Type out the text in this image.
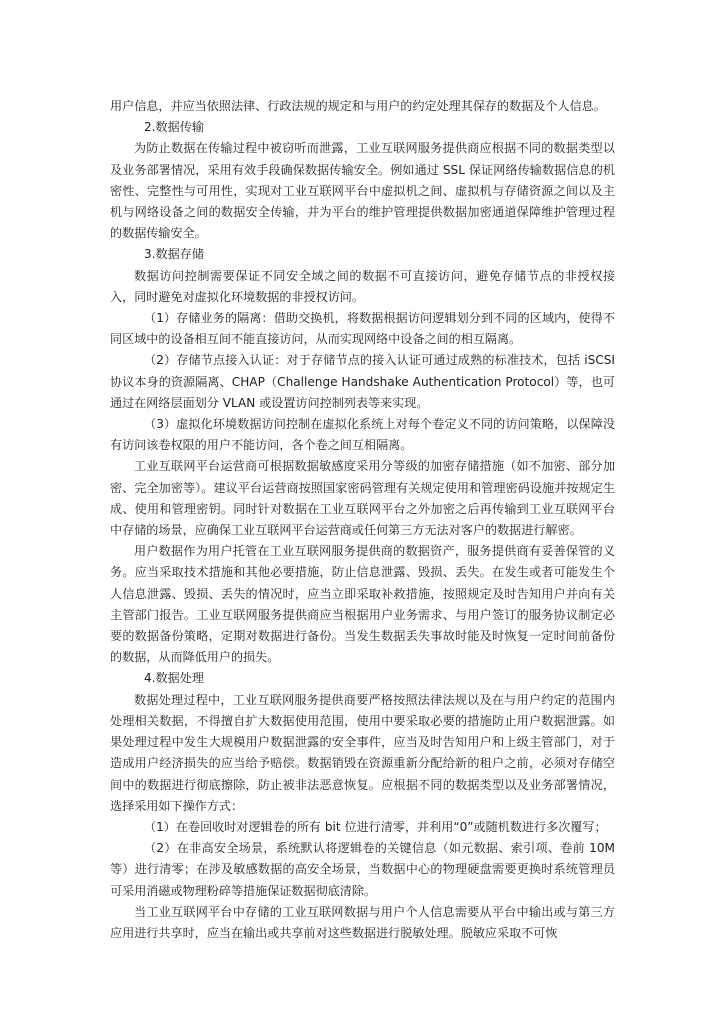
用户信息，并应当依照法律、行政法规的规定和与用户的约定处理其保存的数据及个人信息。

2.数据传输

为防止数据在传输过程中被窃听而泄露，工业互联网服务提供商应根据不同的数据类型以及业务部署情况，采用有效手段确保数据传输安全。例如通过 SSL 保证网络传输数据信息的机密性、完整性与可用性，实现对工业互联网平台中虚拟机之间、虚拟机与存储资源之间以及主机与网络设备之间的数据安全传输，并为平台的维护管理提供数据加密通道保障维护管理过程的数据传输安全。

3.数据存储

数据访问控制需要保证不同安全域之间的数据不可直接访问，避免存储节点的非授权接入，同时避免对虚拟化环境数据的非授权访问。

（1）存储业务的隔离：借助交换机，将数据根据访问逻辑划分到不同的区域内，使得不同区域中的设备相互间不能直接访问，从而实现网络中设备之间的相互隔离。

（2）存储节点接入认证：对于存储节点的接入认证可通过成熟的标准技术，包括 iSCSI 协议本身的资源隔离、CHAP（Challenge Handshake Authentication Protocol）等，也可通过在网络层面划分 VLAN 或设置访问控制列表等来实现。

（3）虚拟化环境数据访问控制在虚拟化系统上对每个卷定义不同的访问策略，以保障没有访问该卷权限的用户不能访问，各个卷之间互相隔离。

工业互联网平台运营商可根据数据敏感度采用分等级的加密存储措施（如不加密、部分加密、完全加密等）。建议平台运营商按照国家密码管理有关规定使用和管理密码设施并按规定生成、使用和管理密钥。同时针对数据在工业互联网平台之外加密之后再传输到工业互联网平台中存储的场景，应确保工业互联网平台运营商或任何第三方无法对客户的数据进行解密。

用户数据作为用户托管在工业互联网服务提供商的数据资产，服务提供商有妥善保管的义务。应当采取技术措施和其他必要措施，防止信息泄露、毁损、丢失。在发生或者可能发生个人信息泄露、毁损、丢失的情况时，应当立即采取补救措施，按照规定及时告知用户并向有关主管部门报告。工业互联网服务提供商应当根据用户业务需求、与用户签订的服务协议制定必要的数据备份策略，定期对数据进行备份。当发生数据丢失事故时能及时恢复一定时间前备份的数据，从而降低用户的损失。

4.数据处理

数据处理过程中，工业互联网服务提供商要严格按照法律法规以及在与用户约定的范围内处理相关数据，不得擅自扩大数据使用范围，使用中要采取必要的措施防止用户数据泄露。如果处理过程中发生大规模用户数据泄露的安全事件，应当及时告知用户和上级主管部门，对于造成用户经济损失的应当给予赔偿。数据销毁在资源重新分配给新的租户之前，必须对存储空间中的数据进行彻底擦除，防止被非法恶意恢复。应根据不同的数据类型以及业务部署情况，选择采用如下操作方式：

（1）在卷回收时对逻辑卷的所有 bit 位进行清零，并利用“0”或随机数进行多次覆写；

（2）在非高安全场景，系统默认将逻辑卷的关键信息（如元数据、索引项、卷前 10M 等）进行清零；在涉及敏感数据的高安全场景，当数据中心的物理硬盘需要更换时系统管理员可采用消磁或物理粉碎等措施保证数据彻底清除。

当工业互联网平台中存储的工业互联网数据与用户个人信息需要从平台中输出或与第三方应用进行共享时，应当在输出或共享前对这些数据进行脱敏处理。脱敏应采取不可恢
